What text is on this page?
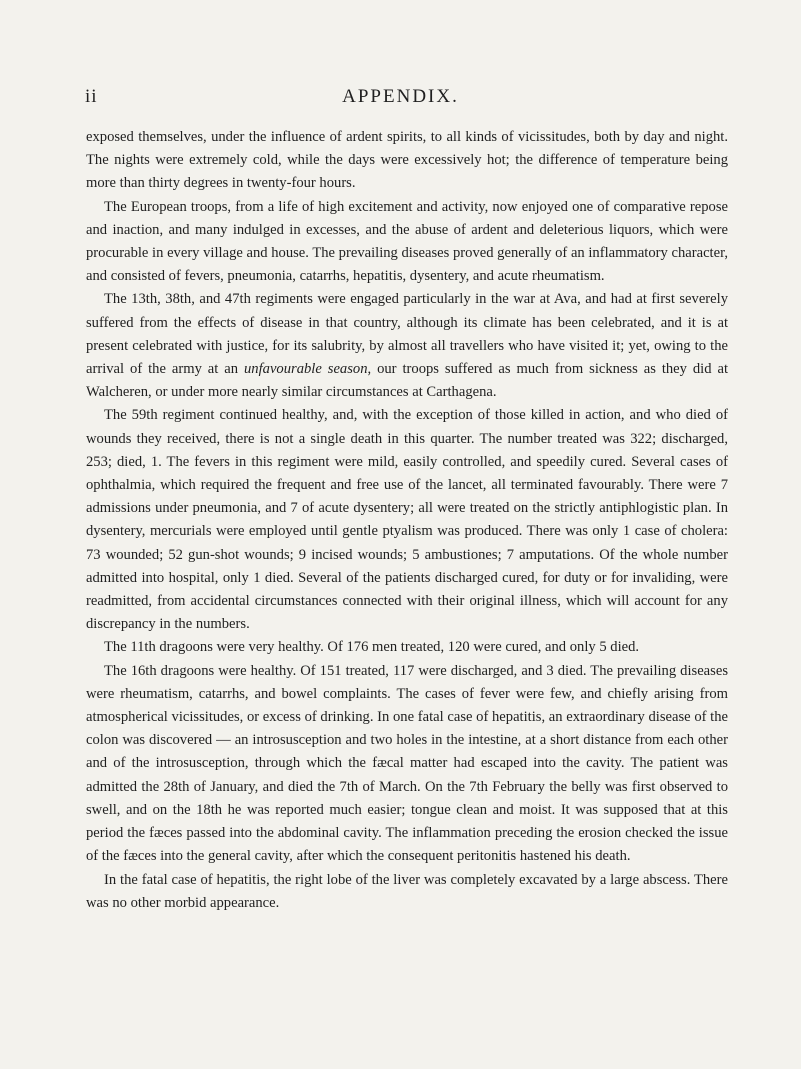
APPENDIX.
ii

exposed themselves, under the influence of ardent spirits, to all kinds of vicissitudes, both by day and night. The nights were extremely cold, while the days were excessively hot; the difference of temperature being more than thirty degrees in twenty-four hours.

The European troops, from a life of high excitement and activity, now enjoyed one of comparative repose and inaction, and many indulged in excesses, and the abuse of ardent and deleterious liquors, which were procurable in every village and house. The prevailing diseases proved generally of an inflammatory character, and consisted of fevers, pneumonia, catarrhs, hepatitis, dysentery, and acute rheumatism.

The 13th, 38th, and 47th regiments were engaged particularly in the war at Ava, and had at first severely suffered from the effects of disease in that country, although its climate has been celebrated, and it is at present celebrated with justice, for its salubrity, by almost all travellers who have visited it; yet, owing to the arrival of the army at an unfavourable season, our troops suffered as much from sickness as they did at Walcheren, or under more nearly similar circumstances at Carthagena.

The 59th regiment continued healthy, and, with the exception of those killed in action, and who died of wounds they received, there is not a single death in this quarter. The number treated was 322; discharged, 253; died, 1. The fevers in this regiment were mild, easily controlled, and speedily cured. Several cases of ophthalmia, which required the frequent and free use of the lancet, all terminated favourably. There were 7 admissions under pneumonia, and 7 of acute dysentery; all were treated on the strictly antiphlogistic plan. In dysentery, mercurials were employed until gentle ptyalism was produced. There was only 1 case of cholera: 73 wounded; 52 gun-shot wounds; 9 incised wounds; 5 ambustiones; 7 amputations. Of the whole number admitted into hospital, only 1 died. Several of the patients discharged cured, for duty or for invaliding, were readmitted, from accidental circumstances connected with their original illness, which will account for any discrepancy in the numbers.

The 11th dragoons were very healthy. Of 176 men treated, 120 were cured, and only 5 died.

The 16th dragoons were healthy. Of 151 treated, 117 were discharged, and 3 died. The prevailing diseases were rheumatism, catarrhs, and bowel complaints. The cases of fever were few, and chiefly arising from atmospherical vicissitudes, or excess of drinking. In one fatal case of hepatitis, an extraordinary disease of the colon was discovered — an introsusception and two holes in the intestine, at a short distance from each other and of the introsusception, through which the fæcal matter had escaped into the cavity. The patient was admitted the 28th of January, and died the 7th of March. On the 7th February the belly was first observed to swell, and on the 18th he was reported much easier; tongue clean and moist. It was supposed that at this period the fæces passed into the abdominal cavity. The inflammation preceding the erosion checked the issue of the fæces into the general cavity, after which the consequent peritonitis hastened his death.

In the fatal case of hepatitis, the right lobe of the liver was completely excavated by a large abscess. There was no other morbid appearance.
